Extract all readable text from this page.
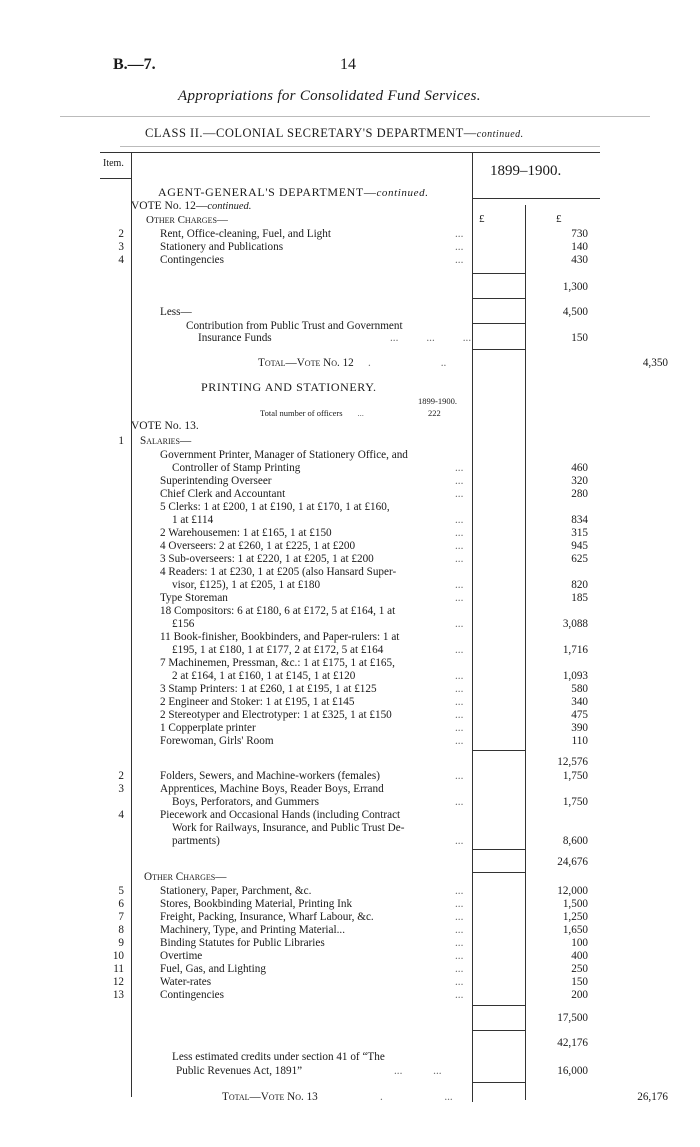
B.—7.	14
Appropriations for Consolidated Fund Services.
CLASS II.—COLONIAL SECRETARY'S DEPARTMENT—continued.
Item.	1899–1900.
AGENT-GENERAL'S DEPARTMENT—continued.
VOTE No. 12—continued.
Other Charges—	£	£
2	Rent, Office-cleaning, Fuel, and Light	...	730
3	Stationery and Publications	...	140
4	Contingencies	...	430
1,300
Less—	4,500
Contribution from Public Trust and Government
Insurance Funds	...          ...          ...	150
Total—Vote No. 12 .                         ..	4,350
PRINTING AND STATIONERY.
1899-1900.
Total number of officers       ...	222
VOTE No. 13.
1 Salaries—
Government Printer, Manager of Stationery Office, and
Controller of Stamp Printing	...	460
Superintending Overseer	...	320
Chief Clerk and Accountant	...	280
5 Clerks: 1 at £200, 1 at £190, 1 at £170, 1 at £160,
1 at £114	...	834
2 Warehousemen: 1 at £165, 1 at £150	...	315
4 Overseers: 2 at £260, 1 at £225, 1 at £200	...	945
3 Sub-overseers: 1 at £220, 1 at £205, 1 at £200	...	625
4 Readers: 1 at £230, 1 at £205 (also Hansard Super-
visor, £125), 1 at £205, 1 at £180	...	820
Type Storeman	...	185
18 Compositors: 6 at £180, 6 at £172, 5 at £164, 1 at
£156	...	3,088
11 Book-finisher, Bookbinders, and Paper-rulers: 1 at
£195, 1 at £180, 1 at £177, 2 at £172, 5 at £164	...	1,716
7 Machinemen, Pressman, &c.: 1 at £175, 1 at £165,
2 at £164, 1 at £160, 1 at £145, 1 at £120	...	1,093
3 Stamp Printers: 1 at £260, 1 at £195, 1 at £125	...	580
2 Engineer and Stoker: 1 at £195, 1 at £145	...	340
2 Stereotyper and Electrotyper: 1 at £325, 1 at £150	...	475
1 Copperplate printer	...	390
Forewoman, Girls' Room	...	110
12,576
2	Folders, Sewers, and Machine-workers (females)	...	1,750
3	Apprentices, Machine Boys, Reader Boys, Errand
Boys, Perforators, and Gummers	...	1,750
4	Piecework and Occasional Hands (including Contract
Work for Railways, Insurance, and Public Trust De-
partments)	...	8,600
24,676
Other Charges—
5	Stationery, Paper, Parchment, &c.	...	12,000
6	Stores, Bookbinding Material, Printing Ink	...	1,500
7	Freight, Packing, Insurance, Wharf Labour, &c.	...	1,250
8	Machinery, Type, and Printing Material...	...	1,650
9	Binding Statutes for Public Libraries	...	100
10	Overtime	...	400
11	Fuel, Gas, and Lighting	...	250
12	Water-rates	...	150
13	Contingencies	...	200
17,500
42,176
Less estimated credits under section 41 of “The
Public Revenues Act, 1891”	...           ...	16,000
Total—Vote No. 13	.                      ...	26,176
